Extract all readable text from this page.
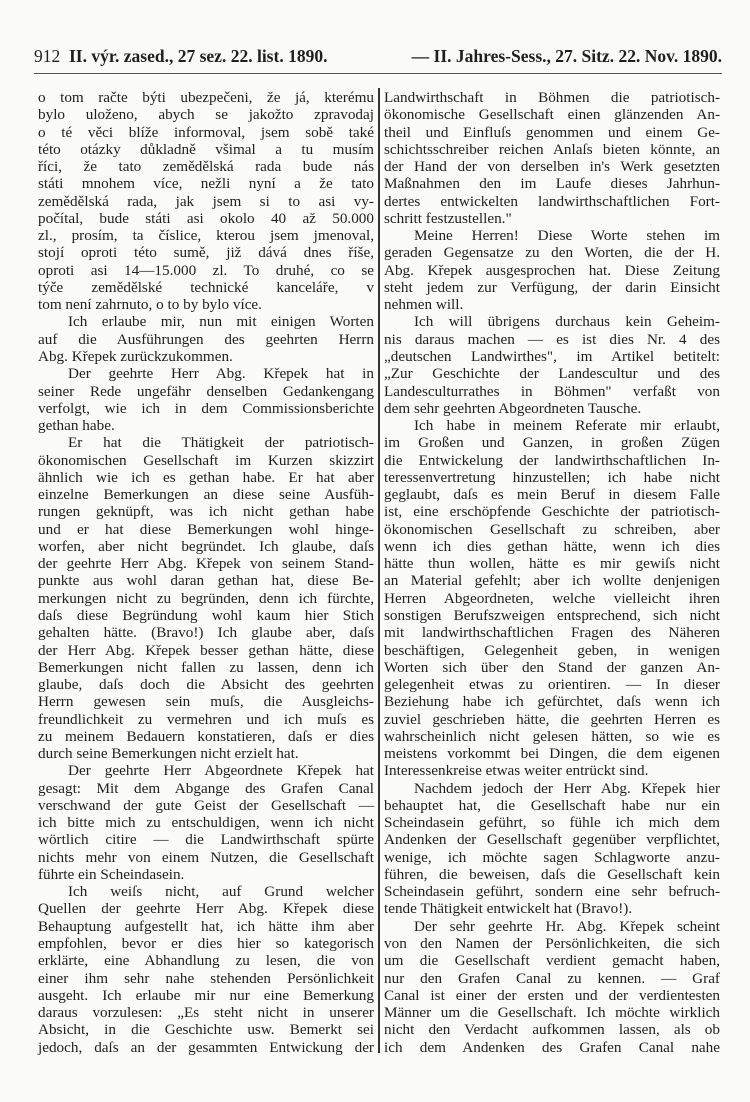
912 II. výr. zased., 27 sez. 22. list. 1890.	— II. Jahres-Sess., 27. Sitz. 22. Nov. 1890.
o tom račte býti ubezpečeni, že já, kterému
bylo uloženo, abych se jakožto zpravodaj
o té věci blíže informoval, jsem sobě také
této otázky důkladně všimal a tu musím
říci, že tato zemědělská rada bude nás
státi mnohem více, nežli nyní a že tato
zemědělská rada, jak jsem si to asi vy-
počítal, bude státi asi okolo 40 až 50.000
zl., prosím, ta číslice, kterou jsem jmenoval,
stojí oproti této sumě, již dává dnes říše,
oproti asi 14—15.000 zl. To druhé, co se
týče zemědělské technické kanceláře, v
tom není zahrnuto, o to by bylo více.
Ich erlaube mir, nun mit einigen Worten
auf die Ausführungen des geehrten Herrn
Abg. Křepek zurückzukommen.
Der geehrte Herr Abg. Křepek hat in
seiner Rede ungefähr denselben Gedankengang
verfolgt, wie ich in dem Commissionsberichte
gethan habe.
Er hat die Thätigkeit der patriotisch-
ökonomischen Gesellschaft im Kurzen skizzirt
ähnlich wie ich es gethan habe. Er hat aber
einzelne Bemerkungen an diese seine Ausfüh-
rungen geknüpft, was ich nicht gethan habe
und er hat diese Bemerkungen wohl hinge-
worfen, aber nicht begründet. Ich glaube, daſs
der geehrte Herr Abg. Křepek von seinem Stand-
punkte aus wohl daran gethan hat, diese Be-
merkungen nicht zu begründen, denn ich fürchte,
daſs diese Begründung wohl kaum hier Stich
gehalten hätte. (Bravo!) Ich glaube aber, daſs
der Herr Abg. Křepek besser gethan hätte, diese
Bemerkungen nicht fallen zu lassen, denn ich
glaube, daſs doch die Absicht des geehrten
Herrn gewesen sein muſs, die Ausgleichs-
freundlichkeit zu vermehren und ich muſs es
zu meinem Bedauern konstatieren, daſs er dies
durch seine Bemerkungen nicht erzielt hat.
Der geehrte Herr Abgeordnete Křepek hat
gesagt: Mit dem Abgange des Grafen Canal
verschwand der gute Geist der Gesellschaft —
ich bitte mich zu entschuldigen, wenn ich nicht
wörtlich citire — die Landwirthschaft spürte
nichts mehr von einem Nutzen, die Gesellschaft
führte ein Scheindasein.
Ich weiſs nicht, auf Grund welcher
Quellen der geehrte Herr Abg. Křepek diese
Behauptung aufgestellt hat, ich hätte ihm aber
empfohlen, bevor er dies hier so kategorisch
erklärte, eine Abhandlung zu lesen, die von
einer ihm sehr nahe stehenden Persönlichkeit
ausgeht. Ich erlaube mir nur eine Bemerkung
daraus vorzulesen: „Es steht nicht in unserer
Absicht, in die Geschichte usw. Bemerkt sei
jedoch, daſs an der gesammten Entwickung der
Landwirthschaft in Böhmen die patriotisch-
ökonomische Gesellschaft einen glänzenden An-
theil und Einfluſs genommen und einem Ge-
schichtsschreiber reichen Anlaſs bieten könnte, an
der Hand der von derselben in's Werk gesetzten
Maßnahmen den im Laufe dieses Jahrhun-
dertes entwickelten landwirthschaftlichen Fort-
schritt festzustellen."
Meine Herren! Diese Worte stehen im
geraden Gegensatze zu den Worten, die der H.
Abg. Křepek ausgesprochen hat. Diese Zeitung
steht jedem zur Verfügung, der darin Einsicht
nehmen will.
Ich will übrigens durchaus kein Geheim-
nis daraus machen — es ist dies Nr. 4 des
„deutschen Landwirthes", im Artikel betitelt:
„Zur Geschichte der Landescultur und des
Landesculturrathes in Böhmen" verfaßt von
dem sehr geehrten Abgeordneten Tausche.
Ich habe in meinem Referate mir erlaubt,
im Großen und Ganzen, in großen Zügen
die Entwickelung der landwirthschaftlichen In-
teressenvertretung hinzustellen; ich habe nicht
geglaubt, daſs es mein Beruf in diesem Falle
ist, eine erschöpfende Geschichte der patriotisch-
ökonomischen Gesellschaft zu schreiben, aber
wenn ich dies gethan hätte, wenn ich dies
hätte thun wollen, hätte es mir gewiſs nicht
an Material gefehlt; aber ich wollte denjenigen
Herren Abgeordneten, welche vielleicht ihren
sonstigen Berufszweigen entsprechend, sich nicht
mit landwirthschaftlichen Fragen des Näheren
beschäftigen, Gelegenheit geben, in wenigen
Worten sich über den Stand der ganzen An-
gelegenheit etwas zu orientiren. — In dieser
Beziehung habe ich gefürchtet, daſs wenn ich
zuviel geschrieben hätte, die geehrten Herren es
wahrscheinlich nicht gelesen hätten, so wie es
meistens vorkommt bei Dingen, die dem eigenen
Interessenkreise etwas weiter entrückt sind.
Nachdem jedoch der Herr Abg. Křepek hier
behauptet hat, die Gesellschaft habe nur ein
Scheindasein geführt, so fühle ich mich dem
Andenken der Gesellschaft gegenüber verpflichtet,
wenige, ich möchte sagen Schlagworte anzu-
führen, die beweisen, daſs die Gesellschaft kein
Scheindasein geführt, sondern eine sehr befruch-
tende Thätigkeit entwickelt hat (Bravo!).
Der sehr geehrte Hr. Abg. Křepek scheint
von den Namen der Persönlichkeiten, die sich
um die Gesellschaft verdient gemacht haben,
nur den Grafen Canal zu kennen. — Graf
Canal ist einer der ersten und der verdientesten
Männer um die Gesellschaft. Ich möchte wirklich
nicht den Verdacht aufkommen lassen, als ob
ich dem Andenken des Grafen Canal nahe
